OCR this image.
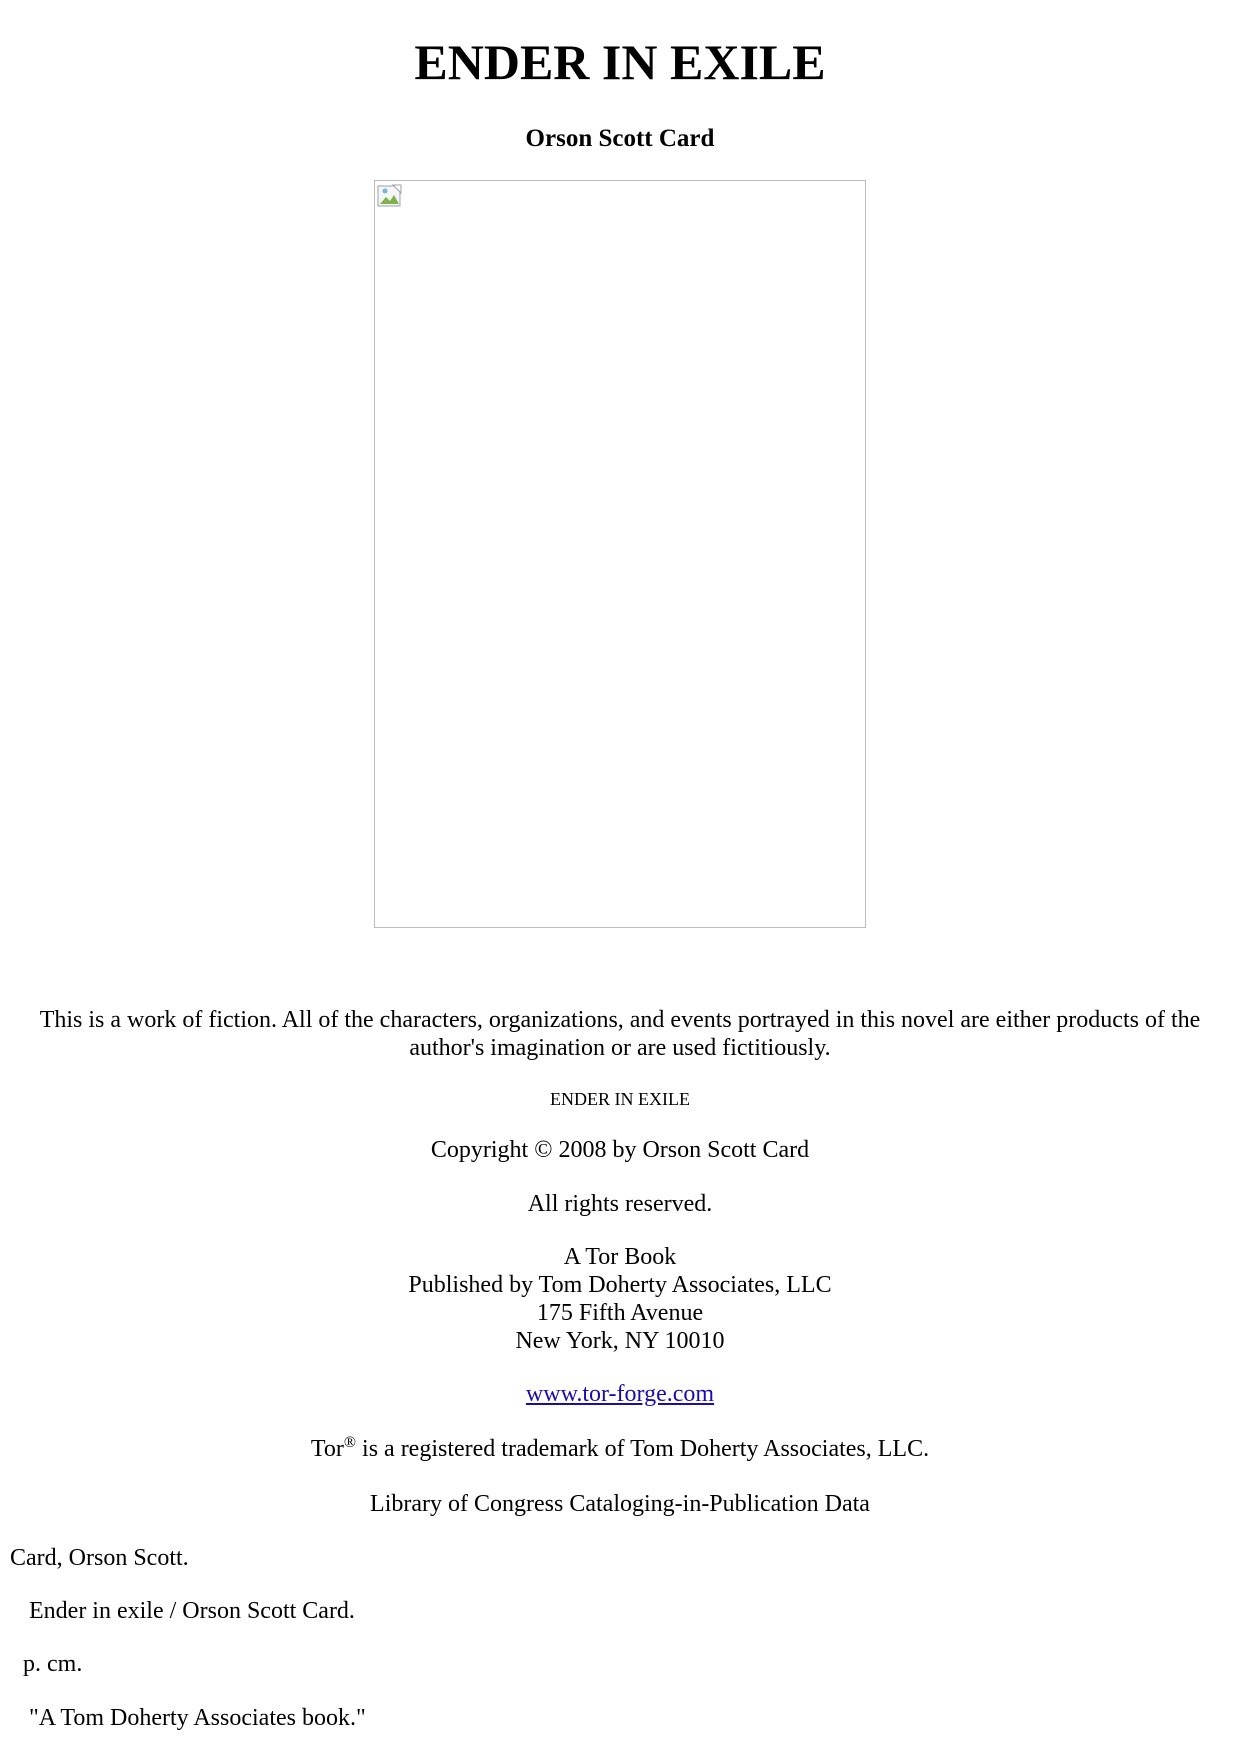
ENDER IN EXILE
Orson Scott Card
This is a work of fiction. All of the characters, organizations, and events portrayed in this novel are either products of the
author's imagination or are used fictitiously.
ENDER IN EXILE
Copyright © 2008 by Orson Scott Card
All rights reserved.
A Tor Book
Published by Tom Doherty Associates, LLC
175 Fifth Avenue
New York, NY 10010
www.tor-forge.com
Tor® is a registered trademark of Tom Doherty Associates, LLC.
Library of Congress Cataloging-in-Publication Data
Card, Orson Scott.
Ender in exile / Orson Scott Card.
p. cm.
"A Tom Doherty Associates book."
